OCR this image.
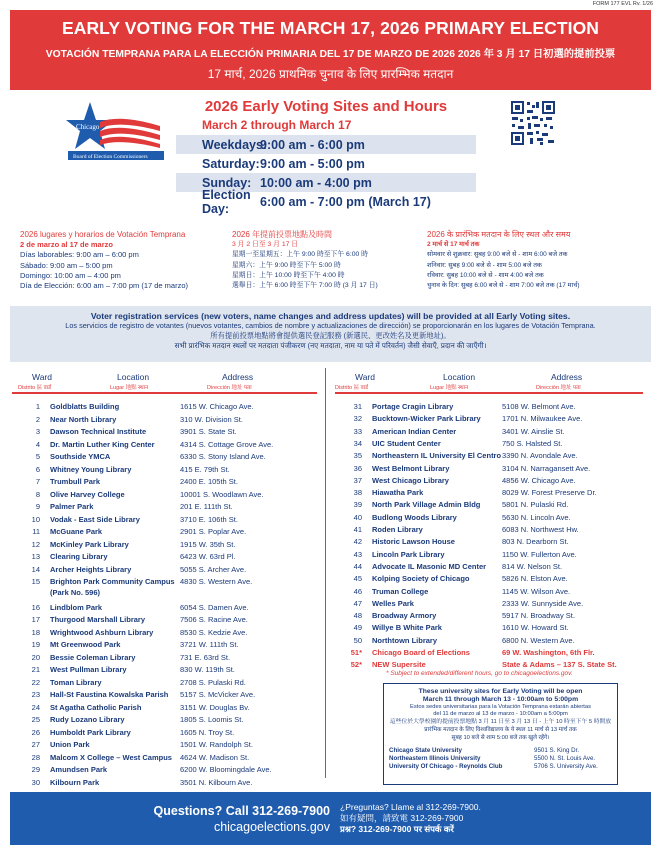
FORM 177 EVL Rv. 1/26
EARLY VOTING FOR THE MARCH 17, 2026 PRIMARY ELECTION
VOTACIÓN TEMPRANA PARA LA ELECCIÓN PRIMARIA DEL 17 DE MARZO DE 2026 2026 年 3 月 17 日初選的提前投票
17 मार्च, 2026 प्राथमिक चुनाव के लिए प्रारम्भिक मतदान
Chicago
Board of Election Commissioners
2026 Early Voting Sites and Hours
March 2 through March 17
Weekdays:
9:00 am - 6:00 pm
Saturday: 9:00 am - 5:00 pm
Sunday: 10:00 am - 4:00 pm
Election Day:	6:00 am - 7:00 pm (March 17)
2026 lugares y horarios de Votación Temprana
2 de marzo al 17 de marzo
Días laborables: 9:00 am – 6:00 pm
Sábado: 9:00 am – 5:00 pm
Domingo: 10:00 am – 4:00 pm
Día de Elección: 6:00 am – 7:00 pm (17 de marzo)
2026 年提前投票地點及時間
3 月 2 日至 3 月 17 日
星期一至星期五：上午 9:00 時至下午 6:00 時
星期六：上午 9:00 時至下午 5:00 時
星期日：上午 10:00 時至下午 4:00 時
選舉日：上午 6:00 時至下午 7:00 時 (3 月 17 日)
2026 के प्रारंभिक मतदान के लिए स्थल और समय
2 मार्च से 17 मार्च तक
सोमवार से शुक्रवार: सुबह 9:00 बजे से - शाम 6:00 बजे तक
शनिवार: सुबह 9:00 बजे से - शाम 5:00 बजे तक
रविवार: सुबह 10:00 बजे से - शाम 4:00 बजे तक
चुनाव के दिन: सुबह 6:00 बजे से - शाम 7:00 बजे तक (17 मार्च)
Voter registration services (new voters, name changes and address updates) will be provided at all Early Voting sites.
Los servicios de registro de votantes (nuevos votantes, cambios de nombre y actualizaciones de dirección) se proporcionarán en los lugares de Votación Temprana.
所有提前投票地點將會提供選民登記服務 (新選民、更改姓名及更新地址)。
सभी प्रारंभिक मतदान स्थलों पर मतदाता पंजीकरण (नए मतदाता, नाम या पते में परिवर्तन) जैसी सेवाएँ, प्रदान की जाएँगी।
Ward
Distrito 區 वार्ड
Location
Lugar 地點 स्थान
Address
Dirección 地址 पता
Ward
Distrito 區 वार्ड
Location
Lugar 地點 स्थान
Address
Dirección 地址 पता
1 Goldblatts Building	1615 W. Chicago Ave.
2 Near North Library	310 W. Division St.
3 Dawson Technical Institute	3901 S. State St.
4 Dr. Martin Luther King Center	4314 S. Cottage Grove Ave.
5 Southside YMCA	6330 S. Stony Island Ave.
6 Whitney Young Library	415 E. 79th St.
7 Trumbull Park	2400 E. 105th St.
8 Olive Harvey College	10001 S. Woodlawn Ave.
9 Palmer Park	201 E. 111th St.
10 Vodak - East Side Library	3710 E. 106th St.
11 McGuane Park	2901 S. Poplar Ave.
12 McKinley Park Library	1915 W. 35th St.
13 Clearing Library	6423 W. 63rd Pl.
14 Archer Heights Library	5055 S. Archer Ave.
15 Brighton Park Community Campus 4830 S. Western Ave.
(Park No. 596)
16 Lindblom Park	6054 S. Damen Ave.
17 Thurgood Marshall Library	7506 S. Racine Ave.
18 Wrightwood Ashburn Library	8530 S. Kedzie Ave.
19 Mt Greenwood Park	3721 W. 111th St.
20 Bessie Coleman Library	731 E. 63rd St.
21 West Pullman Library	830 W. 119th St.
22 Toman Library	2708 S. Pulaski Rd.
23 Hall-St Faustina Kowalska Parish 5157 S. McVicker Ave.
24 St Agatha Catholic Parish	3151 W. Douglas Bv.
25 Rudy Lozano Library	1805 S. Loomis St.
26 Humboldt Park Library	1605 N. Troy St.
27 Union Park	1501 W. Randolph St.
28 Malcom X College – West Campus 4624 W. Madison St.
29 Amundsen Park	6200 W. Bloomingdale Ave.
30 Kilbourn Park	3501 N. Kilbourn Ave.
31 Portage Cragin Library	5108 W. Belmont Ave.
32 Bucktown-Wicker Park Library	1701 N. Milwaukee Ave.
33 American Indian Center	3401 W. Ainslie St.
34 UIC Student Center	750 S. Halsted St.
35 Northeastern IL University El Centro 3390 N. Avondale Ave.
36 West Belmont Library	3104 N. Narragansett Ave.
37 West Chicago Library	4856 W. Chicago Ave.
38 Hiawatha Park	8029 W. Forest Preserve Dr.
39 North Park Village Admin Bldg	5801 N. Pulaski Rd.
40 Budlong Woods Library	5630 N. Lincoln Ave.
41 Roden Library	6083 N. Northwest Hw.
42 Historic Lawson House	803 N. Dearborn St.
43 Lincoln Park Library	1150 W. Fullerton Ave.
44 Advocate IL Masonic MD Center 814 W. Nelson St.
45 Kolping Society of Chicago	5826 N. Elston Ave.
46 Truman College	1145 W. Wilson Ave.
47 Welles Park	2333 W. Sunnyside Ave.
48 Broadway Armory	5917 N. Broadway St.
49 Willye B White Park	1610 W. Howard St.
50 Northtown Library	6800 N. Western Ave.
51* Chicago Board of Elections	69 W. Washington, 6th Flr.
52* NEW Supersite	State & Adams – 137 S. State St.
* Subject to extended/different hours, go to chicagoelections.gov.
These university sites for Early Voting will be open
March 11 through March 13 - 10:00am to 5:00pm
Estos sedes universitarias para la Votación Temprana estarán abiertas
del 11 de marzo al 13 de marzo - 10:00am a 5:00pm
這些位於大學校園的提前投票地點 3 月 11 日至 3 月 13 日 - 上午 10 時至下午 5 時開放
प्रारंभिक मतदान के लिए विश्वविद्यालय के ये स्थल 11 मार्च से 13 मार्च तक
सुबह 10 बजे से शाम 5:00 बजे तक खुले रहेंगे।
Chicago State University	9501 S. King Dr.
Northeastern Illinois University	5500 N. St. Louis Ave.
University Of Chicago - Reynolds Club	5706 S. University Ave.
Questions? Call 312-269-7900
chicagoelections.gov
¿Preguntas? Llame al 312-269-7900.
如有疑問，請致電 312-269-7900
प्रश्न? 312-269-7900 पर संपर्क करें
